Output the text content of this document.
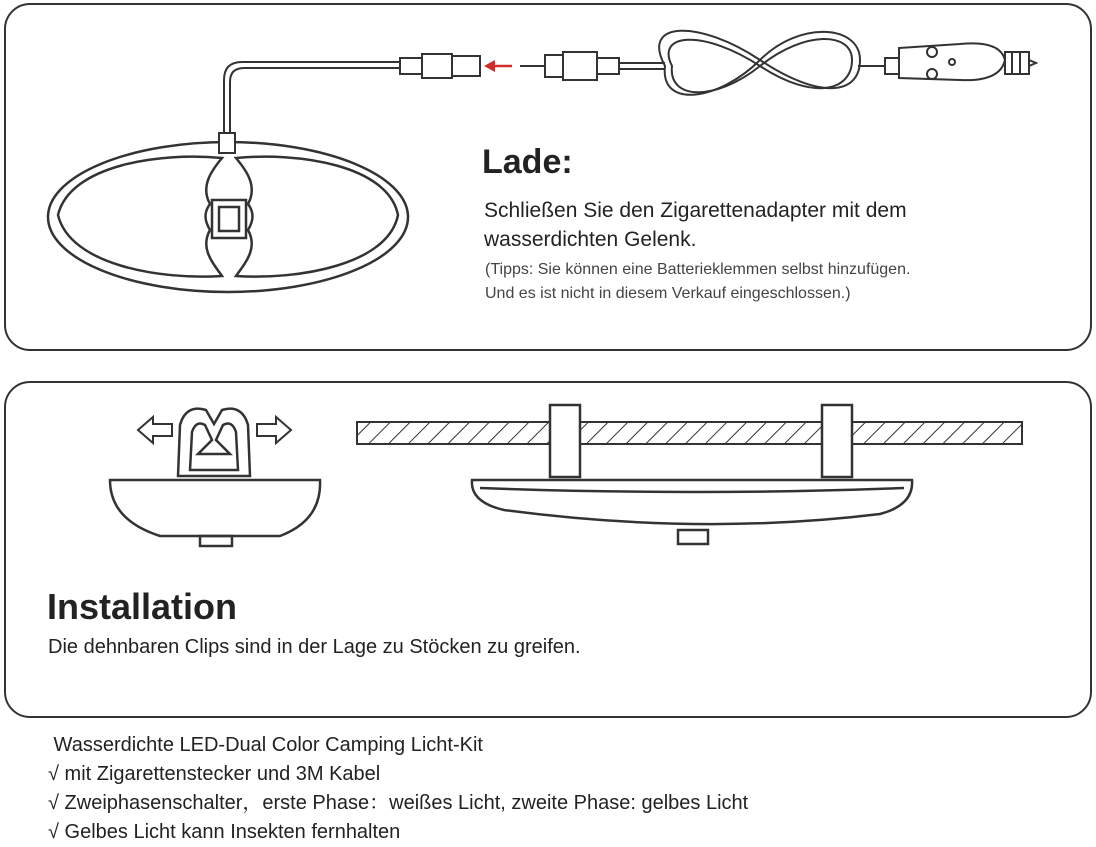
Lade:
Schließen Sie den Zigarettenadapter mit dem
wasserdichten Gelenk.
(Tipps: Sie können eine Batterieklemmen selbst hinzufügen.
Und es ist nicht in diesem Verkauf eingeschlossen.)
Installation
Die dehnbaren Clips sind in der Lage zu Stöcken zu greifen.
Wasserdichte LED-Dual Color Camping Licht-Kit
√ mit Zigarettenstecker und 3M Kabel
√ Zweiphasenschalter，erste Phase：weißes Licht, zweite Phase: gelbes Licht
√ Gelbes Licht kann Insekten fernhalten
